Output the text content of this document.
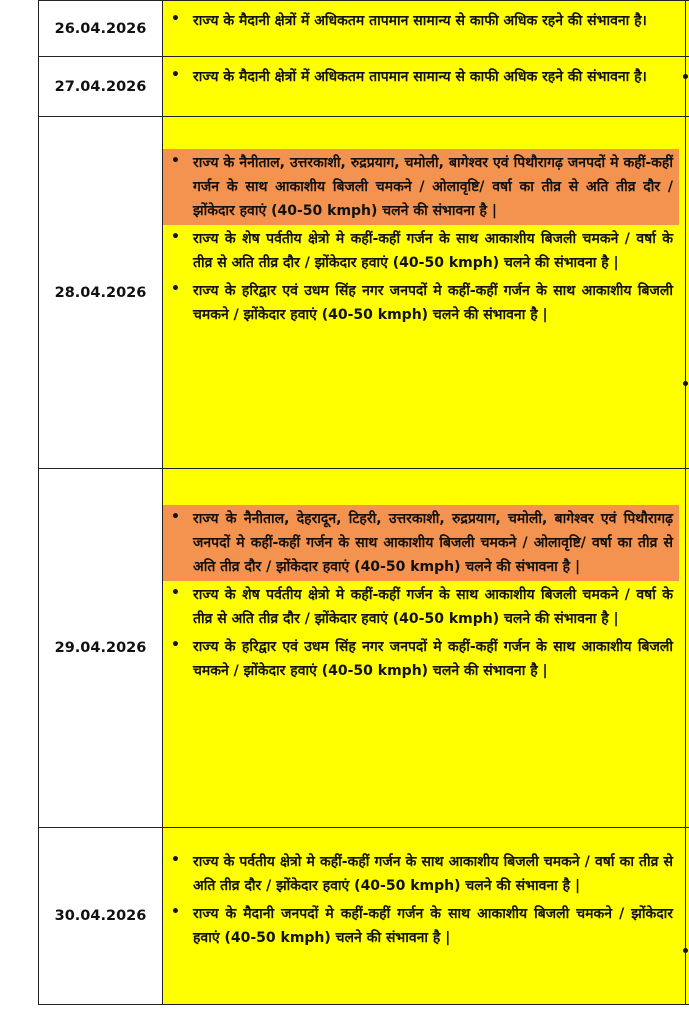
26.04.2026
• राज्य के मैदानी क्षेत्रों में अधिकतम तापमान सामान्य से काफी अधिक रहने की संभावना है।
27.04.2026
• राज्य के मैदानी क्षेत्रों में अधिकतम तापमान सामान्य से काफी अधिक रहने की संभावना है।
28.04.2026
• राज्य के नैनीताल, उत्तरकाशी, रुद्रप्रयाग, चमोली, बागेश्वर एवं पिथौरागढ़ जनपदों मे कहीं-कहीं गर्जन के साथ आकाशीय बिजली चमकने / ओलावृष्टि/ वर्षा का तीव्र से अति तीव्र दौर / झोंकेदार हवाएं (40-50 kmph) चलने की संभावना है |
• राज्य के शेष पर्वतीय क्षेत्रो मे कहीं-कहीं गर्जन के साथ आकाशीय बिजली चमकने / वर्षा के तीव्र से अति तीव्र दौर / झोंकेदार हवाएं (40-50 kmph) चलने की संभावना है |
• राज्य के हरिद्वार एवं उधम सिंह नगर जनपदों मे कहीं-कहीं गर्जन के साथ आकाशीय बिजली चमकने / झोंकेदार हवाएं (40-50 kmph) चलने की संभावना है |
29.04.2026
• राज्य के नैनीताल, देहरादून, टिहरी, उत्तरकाशी, रुद्रप्रयाग, चमोली, बागेश्वर एवं पिथौरागढ़ जनपदों मे कहीं-कहीं गर्जन के साथ आकाशीय बिजली चमकने / ओलावृष्टि/ वर्षा का तीव्र से अति तीव्र दौर / झोंकेदार हवाएं (40-50 kmph) चलने की संभावना है |
• राज्य के शेष पर्वतीय क्षेत्रो मे कहीं-कहीं गर्जन के साथ आकाशीय बिजली चमकने / वर्षा के तीव्र से अति तीव्र दौर / झोंकेदार हवाएं (40-50 kmph) चलने की संभावना है |
• राज्य के हरिद्वार एवं उधम सिंह नगर जनपदों मे कहीं-कहीं गर्जन के साथ आकाशीय बिजली चमकने / झोंकेदार हवाएं (40-50 kmph) चलने की संभावना है |
30.04.2026
• राज्य के पर्वतीय क्षेत्रो मे कहीं-कहीं गर्जन के साथ आकाशीय बिजली चमकने / वर्षा का तीव्र से अति तीव्र दौर / झोंकेदार हवाएं (40-50 kmph) चलने की संभावना है |
• राज्य के मैदानी जनपदों मे कहीं-कहीं गर्जन के साथ आकाशीय बिजली चमकने / झोंकेदार हवाएं (40-50 kmph) चलने की संभावना है |
